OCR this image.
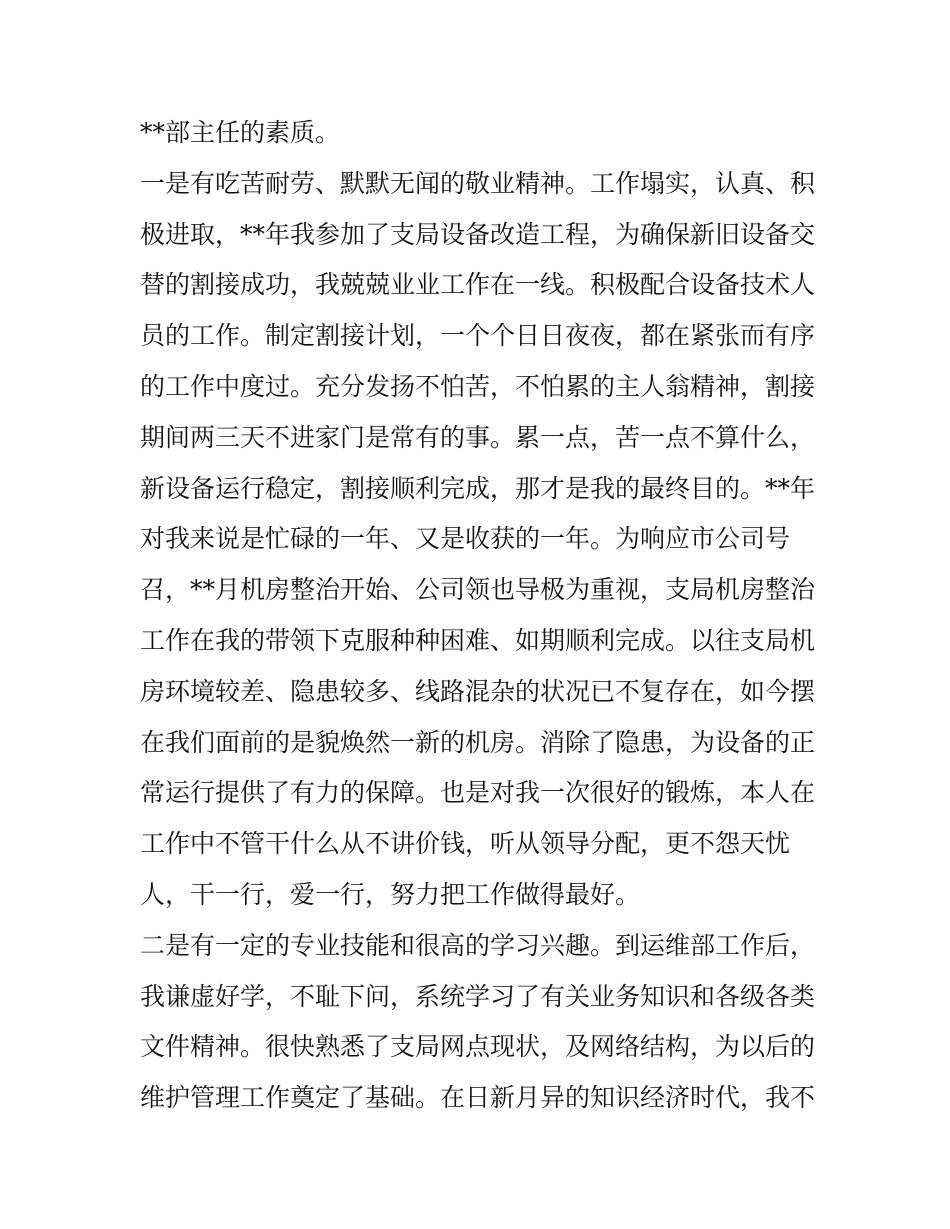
**部主任的素质。
一是有吃苦耐劳、默默无闻的敬业精神。工作塌实，认真、积
极进取，**年我参加了支局设备改造工程，为确保新旧设备交
替的割接成功，我兢兢业业工作在一线。积极配合设备技术人
员的工作。制定割接计划，一个个日日夜夜，都在紧张而有序
的工作中度过。充分发扬不怕苦，不怕累的主人翁精神，割接
期间两三天不进家门是常有的事。累一点，苦一点不算什么，
新设备运行稳定，割接顺利完成，那才是我的最终目的。**年
对我来说是忙碌的一年、又是收获的一年。为响应市公司号
召，**月机房整治开始、公司领也导极为重视，支局机房整治
工作在我的带领下克服种种困难、如期顺利完成。以往支局机
房环境较差、隐患较多、线路混杂的状况已不复存在，如今摆
在我们面前的是貌焕然一新的机房。消除了隐患，为设备的正
常运行提供了有力的保障。也是对我一次很好的锻炼，本人在
工作中不管干什么从不讲价钱，听从领导分配，更不怨天忧
人，干一行，爱一行，努力把工作做得最好。
二是有一定的专业技能和很高的学习兴趣。到运维部工作后，
我谦虚好学，不耻下问，系统学习了有关业务知识和各级各类
文件精神。很快熟悉了支局网点现状，及网络结构，为以后的
维护管理工作奠定了基础。在日新月异的知识经济时代，我不
